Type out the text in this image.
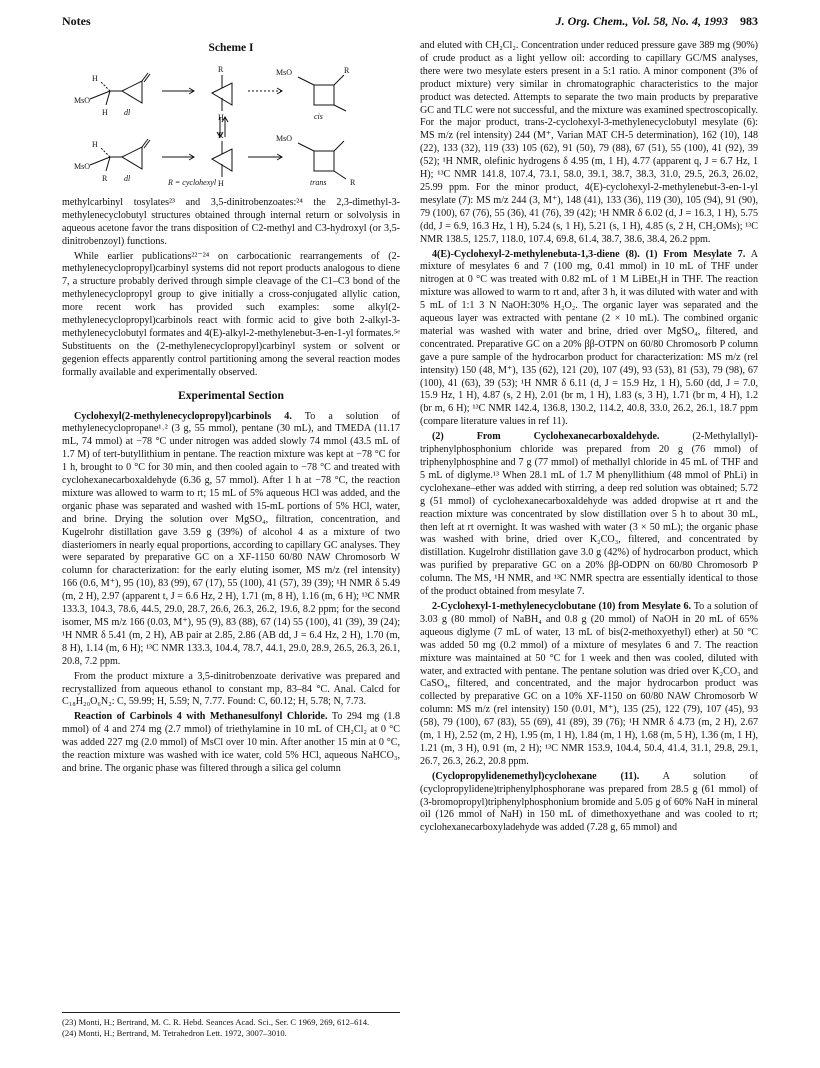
Notes	J. Org. Chem., Vol. 58, No. 4, 1993 983
Scheme I
H
MsO
H dl
R
H
MsO	R
cis
H
MsO
R dl
R
H
MsO
R
trans
R = cyclohexyl

methylcarbinyl tosylates²³ and 3,5-dinitrobenzoates:²⁴ the 2,3-dimethyl-3-methylenecyclobutyl structures obtained through internal return or solvolysis in aqueous acetone favor the trans disposition of C2-methyl and C3-hydroxyl (or 3,5-dinitrobenzoyl) functions.

While earlier publications²²⁻²⁴ on carbocationic rearrangements of (2-methylenecyclopropyl)carbinyl systems did not report products analogous to diene 7, a structure probably derived through simple cleavage of the C1–C3 bond of the methylenecyclopropyl group to give initially a cross-conjugated allylic cation, more recent work has provided such examples: some alkyl(2-methylenecyclopropyl)carbinols react with formic acid to give both 2-alkyl-3-methylenecyclobutyl formates and 4(E)-alkyl-2-methylenebut-3-en-1-yl formates.⁵ᵉ Substituents on the (2-methylenecyclopropyl)carbinyl system or solvent or gegenion effects apparently control partitioning among the several reaction modes formally available and experimentally observed.

Experimental Section

Cyclohexyl(2-methylenecyclopropyl)carbinols 4. To a solution of methylenecyclopropane¹˒² (3 g, 55 mmol), pentane (30 mL), and TMEDA (11.17 mL, 74 mmol) at −78 °C under nitrogen was added slowly 74 mmol (43.5 mL of 1.7 M) of tert-butyllithium in pentane. The reaction mixture was kept at −78 °C for 1 h, brought to 0 °C for 30 min, and then cooled again to −78 °C and treated with cyclohexanecarboxaldehyde (6.36 g, 57 mmol). After 1 h at −78 °C, the reaction mixture was allowed to warm to rt; 15 mL of 5% aqueous HCl was added, and the organic phase was separated and washed with 15-mL portions of 5% HCl, water, and brine. Drying the solution over MgSO₄, filtration, concentration, and Kugelrohr distillation gave 3.59 g (39%) of alcohol 4 as a mixture of two diasteriomers in nearly equal proportions, according to capillary GC analyses. They were separated by preparative GC on a XF-1150 60/80 NAW Chromosorb W column for characterization: for the early eluting isomer, MS m/z (rel intensity) 166 (0.6, M⁺), 95 (10), 83 (99), 67 (17), 55 (100), 41 (57), 39 (39); ¹H NMR δ 5.49 (m, 2 H), 2.97 (apparent t, J = 6.6 Hz, 2 H), 1.71 (m, 8 H), 1.16 (m, 6 H); ¹³C NMR 133.3, 104.3, 78.6, 44.5, 29.0, 28.7, 26.6, 26.3, 26.2, 19.6, 8.2 ppm; for the second isomer, MS m/z 166 (0.03, M⁺), 95 (9), 83 (88), 67 (14) 55 (100), 41 (39), 39 (24); ¹H NMR δ 5.41 (m, 2 H), AB pair at 2.85, 2.86 (AB dd, J = 6.4 Hz, 2 H), 1.70 (m, 8 H), 1.14 (m, 6 H); ¹³C NMR 133.3, 104.4, 78.7, 44.1, 29.0, 28.9, 26.5, 26.3, 26.1, 20.8, 7.2 ppm.

From the product mixture a 3,5-dinitrobenzoate derivative was prepared and recrystallized from aqueous ethanol to constant mp, 83–84 °C. Anal. Calcd for C₁₈H₂₀O₆N₂: C, 59.99; H, 5.59; N, 7.77. Found: C, 60.12; H, 5.78; N, 7.73.

Reaction of Carbinols 4 with Methanesulfonyl Chloride. To 294 mg (1.8 mmol) of 4 and 274 mg (2.7 mmol) of triethylamine in 10 mL of CH₂Cl₂ at 0 °C was added 227 mg (2.0 mmol) of MsCl over 10 min. After another 15 min at 0 °C, the reaction mixture was washed with ice water, cold 5% HCl, aqueous NaHCO₃, and brine. The organic phase was filtered through a silica gel column

(23) Monti, H.; Bertrand, M. C. R. Hebd. Seances Acad. Sci., Ser. C 1969, 269, 612–614.
(24) Monti, H.; Bertrand, M. Tetrahedron Lett. 1972, 3007–3010.

and eluted with CH₂Cl₂. Concentration under reduced pressure gave 389 mg (90%) of crude product as a light yellow oil: according to capillary GC/MS analyses, there were two mesylate esters present in a 5:1 ratio. A minor component (3% of product mixture) very similar in chromatographic characteristics to the major product was detected. Attempts to separate the two main products by preparative GC and TLC were not successful, and the mixture was examined spectroscopically. For the major product, trans-2-cyclohexyl-3-methylenecyclobutyl mesylate (6): MS m/z (rel intensity) 244 (M⁺, Varian MAT CH-5 determination), 162 (10), 148 (22), 133 (32), 119 (33) 105 (62), 91 (50), 79 (88), 67 (51), 55 (100), 41 (92), 39 (52); ¹H NMR, olefinic hydrogens δ 4.95 (m, 1 H), 4.77 (apparent q, J = 6.7 Hz, 1 H); ¹³C NMR 141.8, 107.4, 73.1, 58.0, 39.1, 38.7, 38.3, 31.0, 29.5, 26.3, 26.02, 25.99 ppm. For the minor product, 4(E)-cyclohexyl-2-methylenebut-3-en-1-yl mesylate (7): MS m/z 244 (3, M⁺), 148 (41), 133 (36), 119 (30), 105 (94), 91 (90), 79 (100), 67 (76), 55 (36), 41 (76), 39 (42); ¹H NMR δ 6.02 (d, J = 16.3, 1 H), 5.75 (dd, J = 6.9, 16.3 Hz, 1 H), 5.24 (s, 1 H), 5.21 (s, 1 H), 4.85 (s, 2 H, CH₂OMs); ¹³C NMR 138.5, 125.7, 118.0, 107.4, 69.8, 61.4, 38.7, 38.6, 38.4, 26.2 ppm.

4(E)-Cyclohexyl-2-methylenebuta-1,3-diene (8). (1) From Mesylate 7. A mixture of mesylates 6 and 7 (100 mg, 0.41 mmol) in 10 mL of THF under nitrogen at 0 °C was treated with 0.82 mL of 1 M LiBEt₃H in THF. The reaction mixture was allowed to warm to rt and, after 3 h, it was diluted with water and with 5 mL of 1:1 3 N NaOH:30% H₂O₂. The organic layer was separated and the aqueous layer was extracted with pentane (2 × 10 mL). The combined organic material was washed with water and brine, dried over MgSO₄, filtered, and concentrated. Preparative GC on a 20% ββ-OTPN on 60/80 Chromosorb P column gave a pure sample of the hydrocarbon product for characterization: MS m/z (rel intensity) 150 (48, M⁺), 135 (62), 121 (20), 107 (49), 93 (53), 81 (53), 79 (98), 67 (100), 41 (63), 39 (53); ¹H NMR δ 6.11 (d, J = 15.9 Hz, 1 H), 5.60 (dd, J = 7.0, 15.9 Hz, 1 H), 4.87 (s, 2 H), 2.01 (br m, 1 H), 1.83 (s, 3 H), 1.71 (br m, 4 H), 1.2 (br m, 6 H); ¹³C NMR 142.4, 136.8, 130.2, 114.2, 40.8, 33.0, 26.2, 26.1, 18.7 ppm (compare literature values in ref 11).

(2) From Cyclohexanecarboxaldehyde.	(2-Methylallyl)-triphenylphosphonium chloride was prepared from 20 g (76 mmol) of triphenylphosphine and 7 g (77 mmol) of methallyl chloride in 45 mL of THF and 5 mL of diglyme.¹³ When 28.1 mL of 1.7 M phenyllithium (48 mmol of PhLi) in cyclohexane–ether was added with stirring, a deep red solution was obtained; 5.72 g (51 mmol) of cyclohexanecarboxaldehyde was added dropwise at rt and the reaction mixture was concentrated by slow distillation over 5 h to about 30 mL, then left at rt overnight. It was washed with water (3 × 50 mL); the organic phase was washed with brine, dried over K₂CO₃, filtered, and concentrated by distillation. Kugelrohr distillation gave 3.0 g (42%) of hydrocarbon product, which was purified by preparative GC on a 20% ββ-ODPN on 60/80 Chromosorb P column. The MS, ¹H NMR, and ¹³C NMR spectra are essentially identical to those of the product obtained from mesylate 7.

2-Cyclohexyl-1-methylenecyclobutane (10) from Mesylate 6. To a solution of 3.03 g (80 mmol) of NaBH₄ and 0.8 g (20 mmol) of NaOH in 20 mL of 65% aqueous diglyme (7 mL of water, 13 mL of bis(2-methoxyethyl) ether) at 50 °C was added 50 mg (0.2 mmol) of a mixture of mesylates 6 and 7. The reaction mixture was maintained at 50 °C for 1 week and then was cooled, diluted with water, and extracted with pentane. The pentane solution was dried over K₂CO₃ and CaSO₄, filtered, and concentrated, and the major hydrocarbon product was collected by preparative GC on a 10% XF-1150 on 60/80 NAW Chromosorb W column: MS m/z (rel intensity) 150 (0.01, M⁺), 135 (25), 122 (79), 107 (45), 93 (58), 79 (100), 67 (83), 55 (69), 41 (89), 39 (76); ¹H NMR δ 4.73 (m, 2 H), 2.67 (m, 1 H), 2.52 (m, 2 H), 1.95 (m, 1 H), 1.84 (m, 1 H), 1.68 (m, 5 H), 1.36 (m, 1 H), 1.21 (m, 3 H), 0.91 (m, 2 H); ¹³C NMR 153.9, 104.4, 50.4, 41.4, 31.1, 29.8, 29.1, 26.7, 26.3, 26.2, 20.8 ppm.

(Cyclopropylidenemethyl)cyclohexane (11). A solution of (cyclopropylidene)triphenylphosphorane was prepared from 28.5 g (61 mmol) of (3-bromopropyl)triphenylphosphonium bromide and 5.05 g of 60% NaH in mineral oil (126 mmol of NaH) in 150 mL of dimethoxyethane and was cooled to rt; cyclohexanecarboxyladehyde was added (7.28 g, 65 mmol) and
